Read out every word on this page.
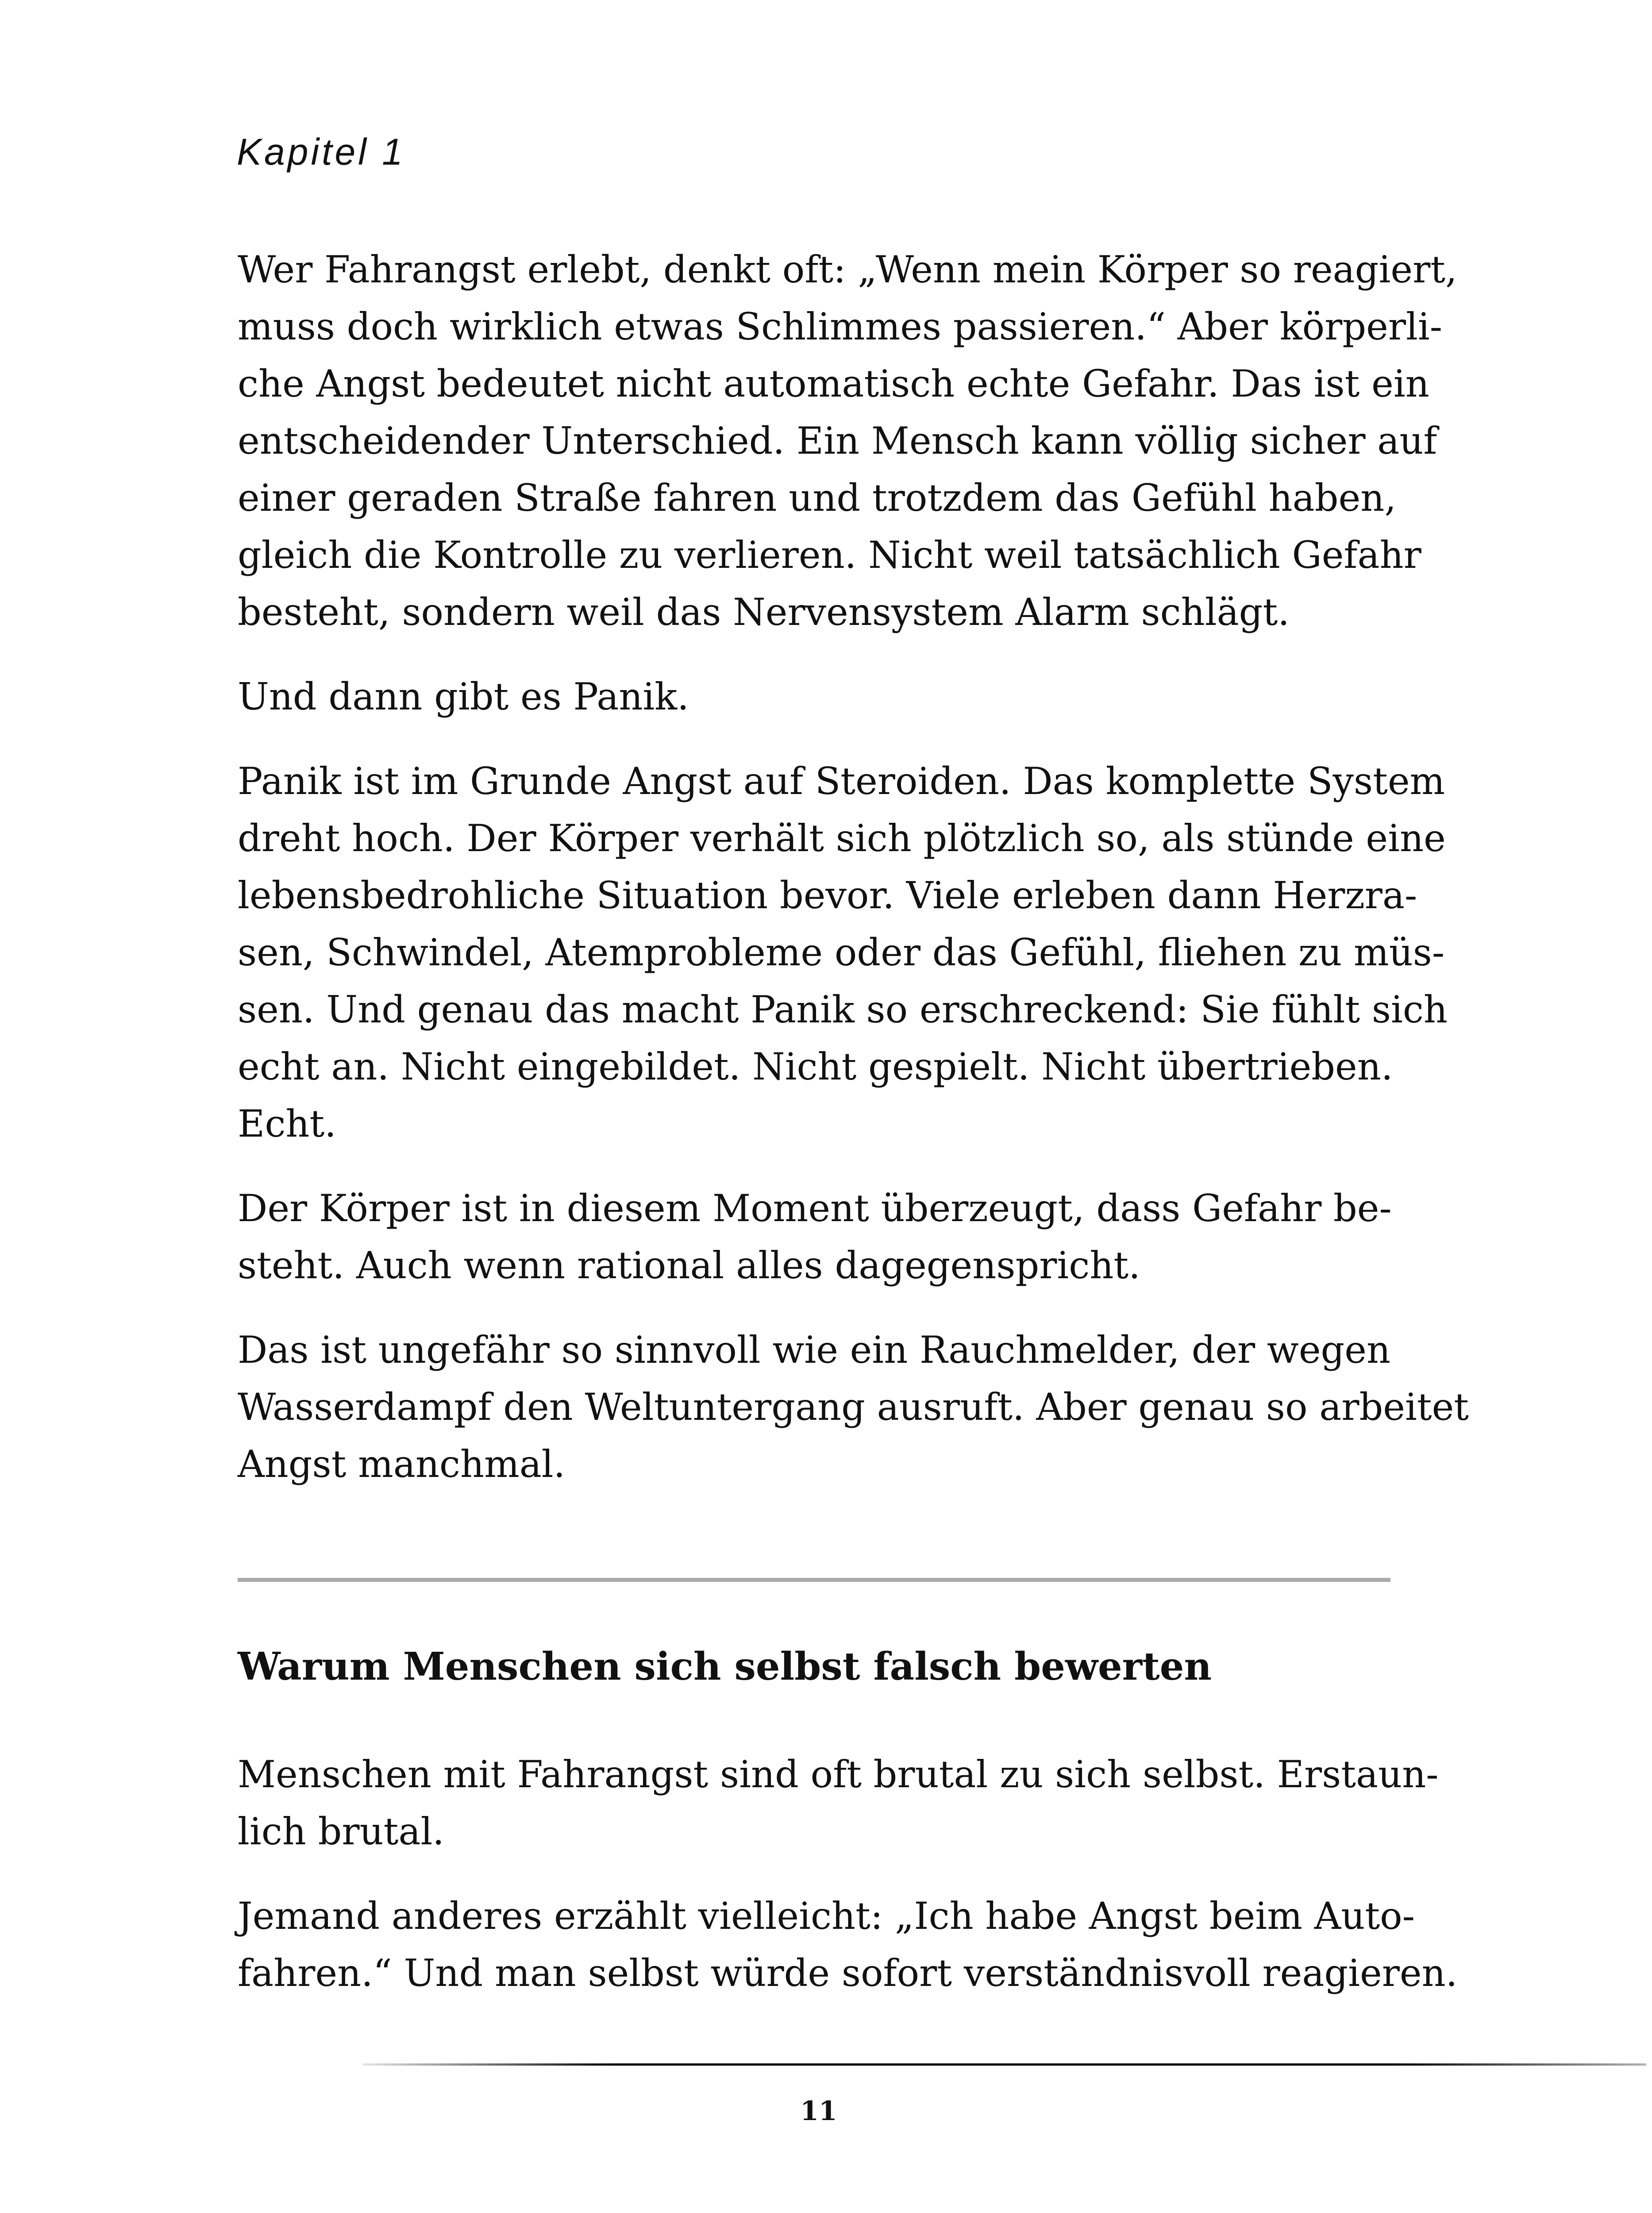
Kapitel 1

Wer Fahrangst erlebt, denkt oft: „Wenn mein Körper so reagiert,
muss doch wirklich etwas Schlimmes passieren.“ Aber körperli-
che Angst bedeutet nicht automatisch echte Gefahr. Das ist ein
entscheidender Unterschied. Ein Mensch kann völlig sicher auf
einer geraden Straße fahren und trotzdem das Gefühl haben,
gleich die Kontrolle zu verlieren. Nicht weil tatsächlich Gefahr
besteht, sondern weil das Nervensystem Alarm schlägt.

Und dann gibt es Panik.

Panik ist im Grunde Angst auf Steroiden. Das komplette System
dreht hoch. Der Körper verhält sich plötzlich so, als stünde eine
lebensbedrohliche Situation bevor. Viele erleben dann Herzra-
sen, Schwindel, Atemprobleme oder das Gefühl, fliehen zu müs-
sen. Und genau das macht Panik so erschreckend: Sie fühlt sich
echt an. Nicht eingebildet. Nicht gespielt. Nicht übertrieben.
Echt.

Der Körper ist in diesem Moment überzeugt, dass Gefahr be-
steht. Auch wenn rational alles dagegenspricht.

Das ist ungefähr so sinnvoll wie ein Rauchmelder, der wegen
Wasserdampf den Weltuntergang ausruft. Aber genau so arbeitet
Angst manchmal.

Warum Menschen sich selbst falsch bewerten

Menschen mit Fahrangst sind oft brutal zu sich selbst. Erstaun-
lich brutal.

Jemand anderes erzählt vielleicht: „Ich habe Angst beim Auto-
fahren.“ Und man selbst würde sofort verständnisvoll reagieren.

11
